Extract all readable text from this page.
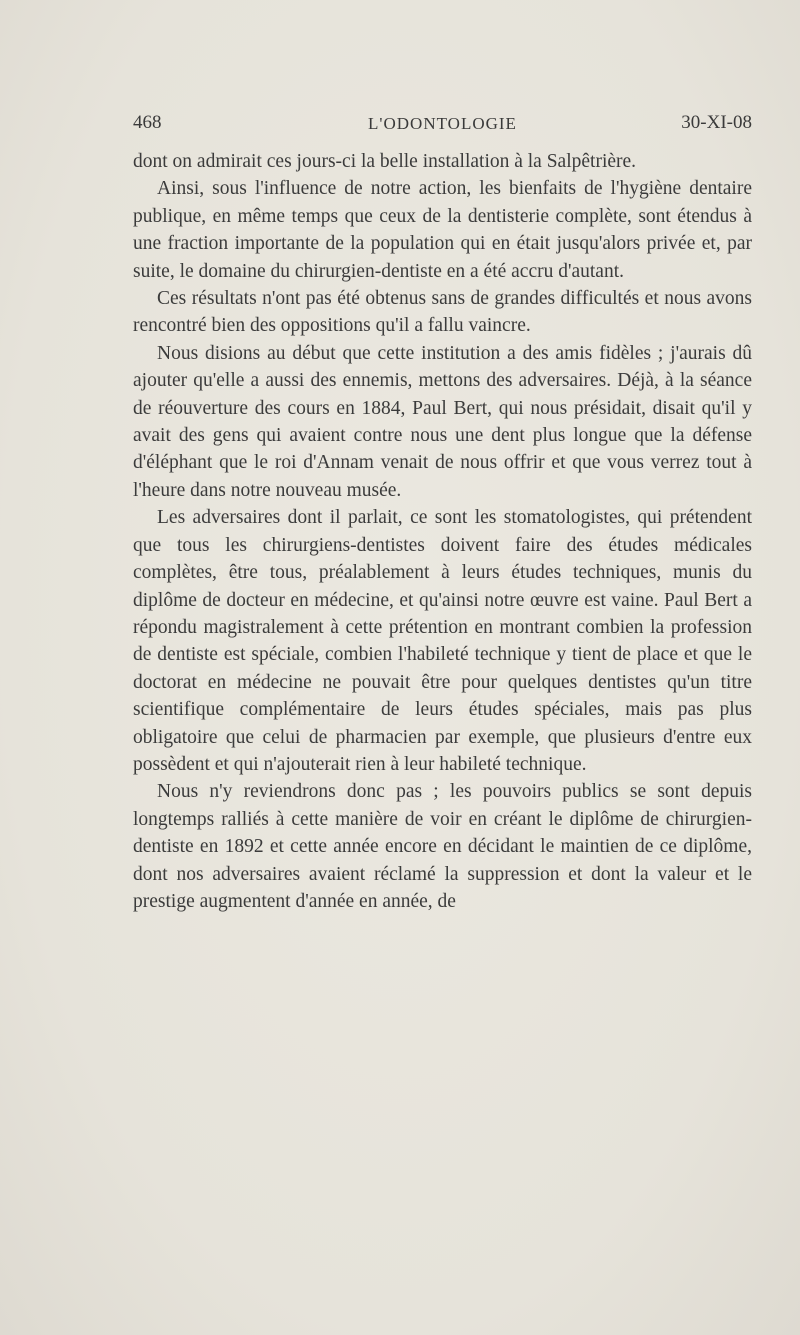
468	L'ODONTOLOGIE	30-XI-08

dont on admirait ces jours-ci la belle installation à la Salpêtrière.

Ainsi, sous l'influence de notre action, les bienfaits de l'hygiène dentaire publique, en même temps que ceux de la dentisterie complète, sont étendus à une fraction importante de la population qui en était jusqu'alors privée et, par suite, le domaine du chirurgien-dentiste en a été accru d'autant.

Ces résultats n'ont pas été obtenus sans de grandes difficultés et nous avons rencontré bien des oppositions qu'il a fallu vaincre.

Nous disions au début que cette institution a des amis fidèles ; j'aurais dû ajouter qu'elle a aussi des ennemis, mettons des adversaires. Déjà, à la séance de réouverture des cours en 1884, Paul Bert, qui nous présidait, disait qu'il y avait des gens qui avaient contre nous une dent plus longue que la défense d'éléphant que le roi d'Annam venait de nous offrir et que vous verrez tout à l'heure dans notre nouveau musée.

Les adversaires dont il parlait, ce sont les stomatologistes, qui prétendent que tous les chirurgiens-dentistes doivent faire des études médicales complètes, être tous, préalablement à leurs études techniques, munis du diplôme de docteur en médecine, et qu'ainsi notre œuvre est vaine. Paul Bert a répondu magistralement à cette prétention en montrant combien la profession de dentiste est spéciale, combien l'habileté technique y tient de place et que le doctorat en médecine ne pouvait être pour quelques dentistes qu'un titre scientifique complémentaire de leurs études spéciales, mais pas plus obligatoire que celui de pharmacien par exemple, que plusieurs d'entre eux possèdent et qui n'ajouterait rien à leur habileté technique.

Nous n'y reviendrons donc pas ; les pouvoirs publics se sont depuis longtemps ralliés à cette manière de voir en créant le diplôme de chirurgien-dentiste en 1892 et cette année encore en décidant le maintien de ce diplôme, dont nos adversaires avaient réclamé la suppression et dont la valeur et le prestige augmentent d'année en année, de
